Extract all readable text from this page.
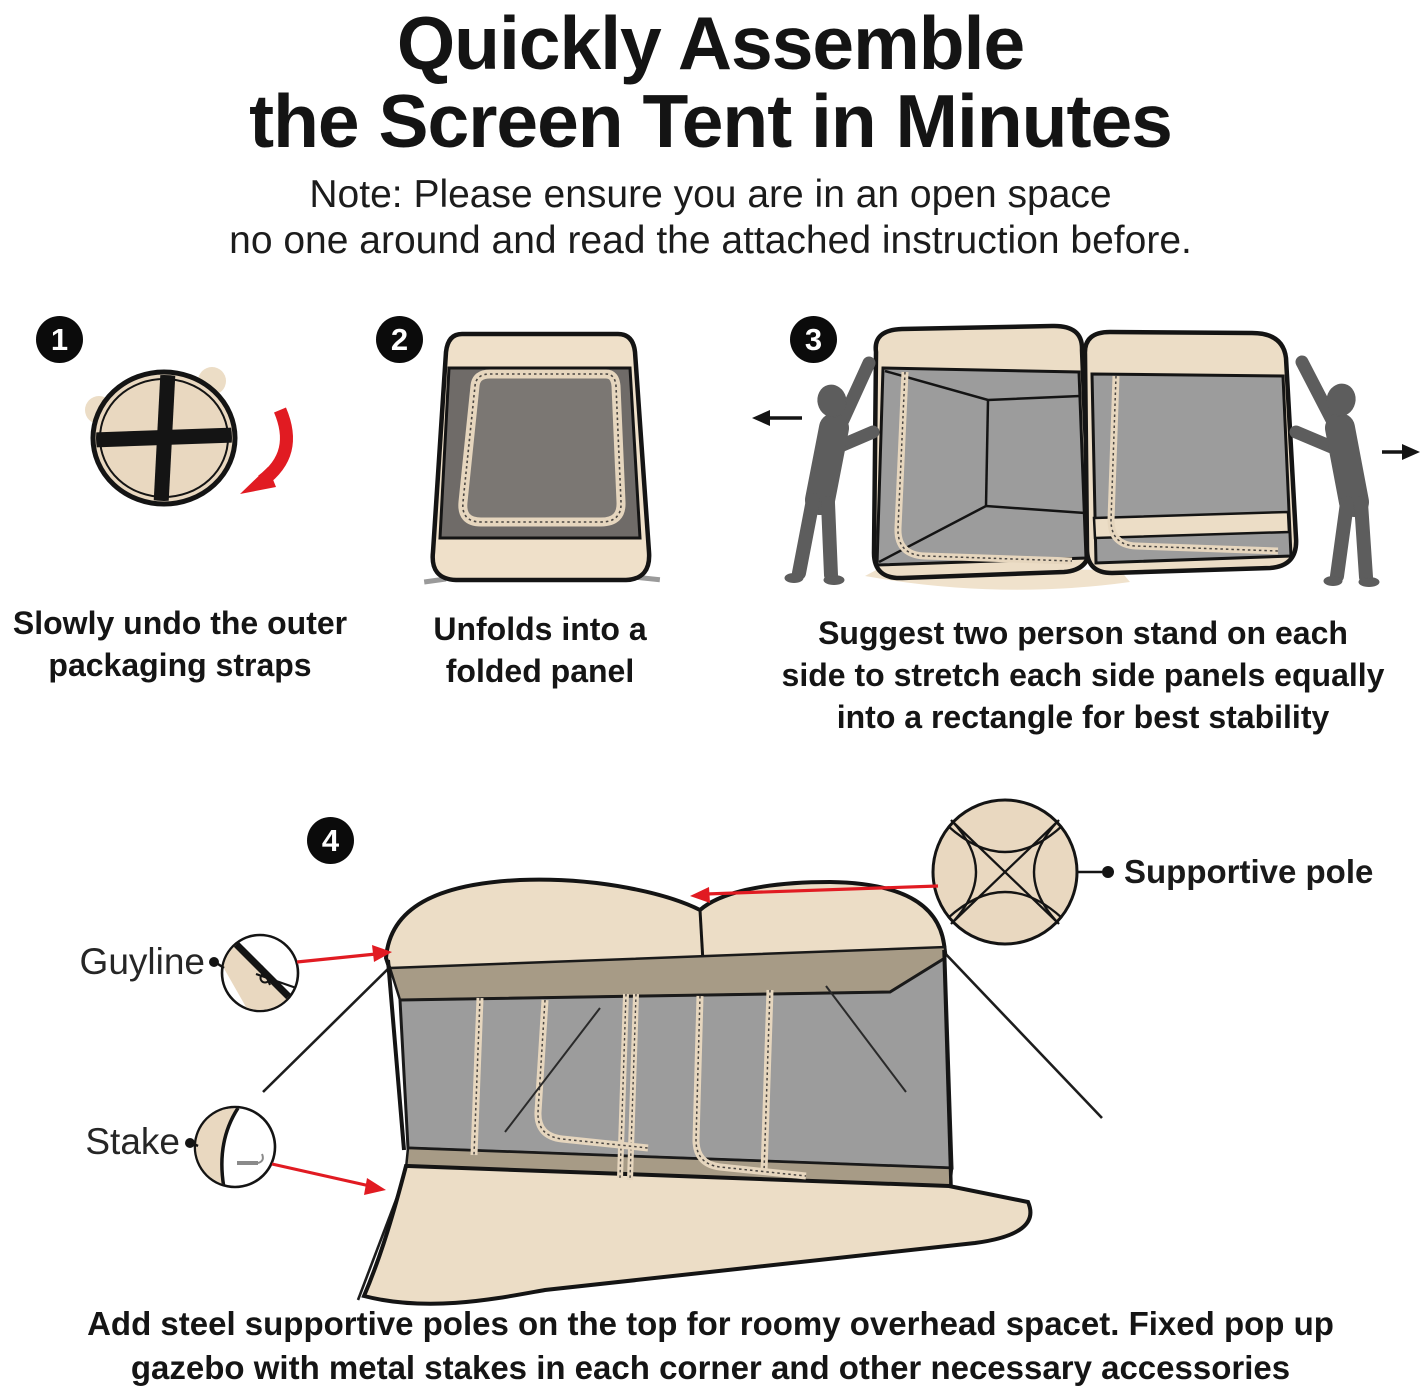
Quickly Assemble
the Screen Tent in Minutes
Note: Please ensure you are in an open space
no one around and read the attached instruction before.
1
Slowly undo the outer
packaging straps
2
Unfolds into a
folded panel
3
Suggest two person stand on each
side to stretch each side panels equally
into a rectangle for best stability
4
Guyline
Stake
Supportive pole
Add steel supportive poles on the top for roomy overhead spacet. Fixed pop up
gazebo with metal stakes in each corner and other necessary accessories
